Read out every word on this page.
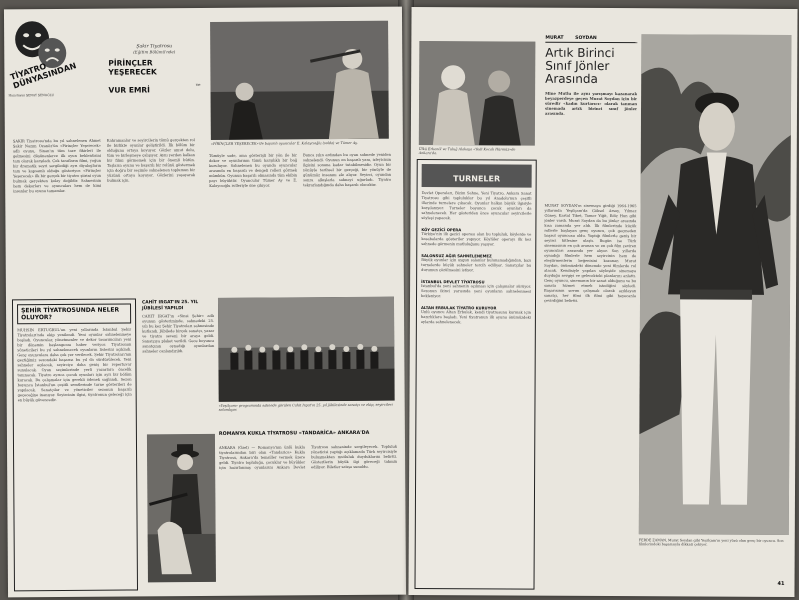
TİYATRO DÜNYASINDAN
Hazırlayan ŞENAY ŞENOĞLU
Şakir Tiyatrosu
(Eğitim Bölümü'nde)
PİRİNÇLER
YEŞERECEK
ve
VUR EMRİ
«PİRİNÇLER YEŞERECEK»'de başarılı oyuncular E. Kalaycıoğlu (solda) ve Tümer Ay.
ŞAKİR Tiyatrosu'nda bu yıl sahnelenen Ahmet Şakir Nazım Ozanöz'ün «Pirinçler Yeşerecek» adlı oyunu, Sinan'ın tüm taze fikirleri ile gelmesini düşünenlerce ilk oyun beklentisini tam olarak karşıladı. Çok tarafların filmi, yoğun bir dramatik seyri sergilediği ayrı diyalogların tam ve kapsamlı olduğu gösteriyor. «Pirinçler Yeşerecek» ilk bir gerçek bir tiyatro şiirini oyun bulmak gerçekten kolay değildir. Sahnesinin hem dekorları ve oyuncuları hem de kimi insanlar bu oyunu tamamlar.
Kahramanlar ve seyircilerin tümü gerçekten rol ile birlikte oyunlar geliştirildi. İlk bölüm bir olduğunu ortaya koyuyor. Gözler umut dolu, tüm ve birleşmeye çalışıyor. Aynı yerden kalkan bir filmi görmemek için bir önemli bütün. Taşların oyunu ve başarılı bir rolünü göstermek için doğru bir seçimle sahnelenen toplumun bir yüzünü ortaya koyuyor. Gözlerini yaşayarak bulmak için.
Tümüyle sade, ama gösterişli bir yön ile bir dekor ve oyunlarının tümü karşılıklı bir bağ kuruluyor. Sahnelenen bu oyunda oyuncular arasında en başarılı ve dengeli rolleri görmek mümkün. Oyunun başarılı olmasında tüm ekibin payı büyüktür. Oyuncular Tümer Ay ve E. Kalaycıoğlu rolleriyle öne çıkıyor.
Bunca yılın ardından bu oyun sahnede yeniden sahnelendi. Oyunun en başarılı yanı, izleyicinin ilgisini sonuna kadar tutabilmesidir. Oyun bir yönüyle tarihsel bir gerçeği, bir yönüyle de günümüz insanını ele alıyor. Seyirci, oyundan sonra alkışlarla sahneyi uğurladı. Tiyatro tekrarlandığında daha başarılı olacaktır.
ŞEHİR TİYATROSUNDA NELER OLUYOR?
MUHSİN ERTUĞRUL'un yeni yıllarında İstanbul Şehir Tiyatroları'nda ekip yenilendi. Yeni oyunlar sahnelenmeye başladı. Oyuncular, yönetmenler ve dekor tasarımcıları yeni bir dönemin başlangıcını haber veriyor. Tiyatronun yöneticileri bu yıl sahnelenecek oyunların listesini açıkladı. Genç oyunculara daha çok yer verilecek. Şehir Tiyatroları'nın geçtiğimiz sezondaki başarısı bu yıl da sürdürülecek. Yeni sahneler açılacak, seyirciye daha geniş bir repertuvar sunulacak. Oyun seçimlerinde yerli yazarlara öncelik tanınacak. Tiyatro ayrıca çocuk oyunları için ayrı bir bölüm kuracak. Bu çalışmalar için gerekli ödenek sağlandı. Sezon boyunca İstanbul'un çeşitli semtlerinde turne gösterileri de yapılacak. Sanatçılar ve yöneticiler sezonun başarılı geçeceğine inanıyor. Seyircinin ilgisi, tiyatronun geleceği için en büyük güvencedir.
CAHİT IRGAT'IN 25. YIL JÜBİLESİ YAPILDI
CAHİT IRGAT'ın «Sinsi Şehir» adlı oyunun gösteriminde, sahnedeki 25. yılı bu kez Şehir Tiyatroları sahnesinde kutlandı. Jübilede birçok sanatçı, yazar ve tiyatro seveni bir araya geldi. Sanatçıya plaket verildi. Gece boyunca sanatçının oynadığı oyunlardan sahneler canlandırıldı.
«Yeşilçam» programında sahnede görülen Cahit Irgat'ın 25. yıl jübilesinde sanatçı ve ekip, seyircileri selamlıyor.
ROMANYA KUKLA TİYATROSU «TANDARİCA» ANKARA'DA
ANKARA (Özel) — Romanya'nın ünlü kukla tiyatrolarından biri olan «Tandarica» Kukla Tiyatrosu, Ankara'da temsiller vermek üzere geldi. Tiyatro topluluğu, çocuklar ve büyükler için hazırlanmış oyunlarını Ankara Devlet Tiyatrosu sahnesinde sergileyecek. Topluluk yöneticisi yaptığı açıklamada Türk seyircisiyle buluşmaktan mutluluk duyduklarını belirtti. Gösterilerin büyük ilgi göreceği tahmin ediliyor. Biletler satışa sunuldu.
Ülkü Erkenöl ve Tuluğ Alakaya «Yedi Kocalı Hürmüz»de Ankara'da.
TURNELER
Devlet Operaları, Bizim Sahne, Yeni Tiyatro, Ankara Sanat Tiyatrosu gibi topluluklar bu yıl Anadolu'nun çeşitli illerinde turnelere çıkacak. Oyunlar halkın büyük ilgisiyle karşılanıyor. Turneler boyunca çocuk oyunları da sahnelenecek. Her gösteriden önce oyuncular seyircilerle söyleşi yapacak.
KÖY GEZİCİ OPERA
Türkiye'nin ilk gezici operası olan bu topluluk, köylerde ve kasabalarda gösteriler yapıyor. Köylüler operayı ilk kez sahnede görmenin mutluluğunu yaşıyor.
SALONSUZ AĞIR SAHNELENEMEZ
Büyük oyunlar için uygun salonlar bulunamadığından, bazı turnelerde küçük sahneler tercih ediliyor. Sanatçılar bu durumun çözülmesini istiyor.
İSTANBUL DEVLET TİYATROSU
İstanbul'da yeni sahnenin açılması için çalışmalar sürüyor. Sezonun ikinci yarısında yeni oyunların sahnelenmesi bekleniyor.
ALTAN ERBULAK TİYATRO KURUYOR
Ünlü oyuncu Altan Erbulak, kendi tiyatrosunu kurmak için hazırlıklara başladı. Yeni tiyatronun ilk oyunu önümüzdeki aylarda sahnelenecek.
MURAT	SOYDAN
Artık Birinci Sınıf Jönler Arasında
Mine Mutlu ile aynı yarışmayı kazanarak beyazperdeye geçen Murat Soydan için bir süredir «kadın kurtarıcı» olarak tanınan sinemada artık birinci sınıf jönler arasında.
MURAT SOYDAN'ın sinemaya girdiği 1964-1965 yıllarında Yeşilçam'da Göksel Arsoy, Yılmaz Güney, Kartal Tibet, Tamer Yiğit, Ediz Hun gibi jönler vardı. Murat Soydan da bu jönler arasında kısa zamanda yer aldı. İlk filmlerinde küçük rollerle başlayan genç oyuncu, çok geçmeden başrol oyuncusu oldu. Yaptığı filmlerle geniş bir seyirci kitlesine ulaştı. Bugün ise Türk sinemasının en çok aranan ve en çok film çeviren oyuncuları arasında yer alıyor. Son yıllarda oynadığı filmlerle hem seyircinin hem de eleştirmenlerin beğenisini kazanan Murat Soydan, önümüzdeki dönemde yeni filmlerde rol alacak. Kendisiyle yapılan söyleşide sinemaya duyduğu sevgiyi ve gelecekteki planlarını anlattı. Genç oyuncu, sinemanın bir sanat olduğunu ve bu sanata hizmet etmek istediğini söyledi. Başarısının sırrını çalışmak olarak açıklayan sanatçı, her filmi ilk filmi gibi heyecanla çevirdiğini belirtti.
FERDE ZAMAN, Murat Soydan gibi Yeşilçam'ın yeni yüzü olan genç bir oyuncu. Son filmlerindeki başarısıyla dikkati çekiyor.
41
